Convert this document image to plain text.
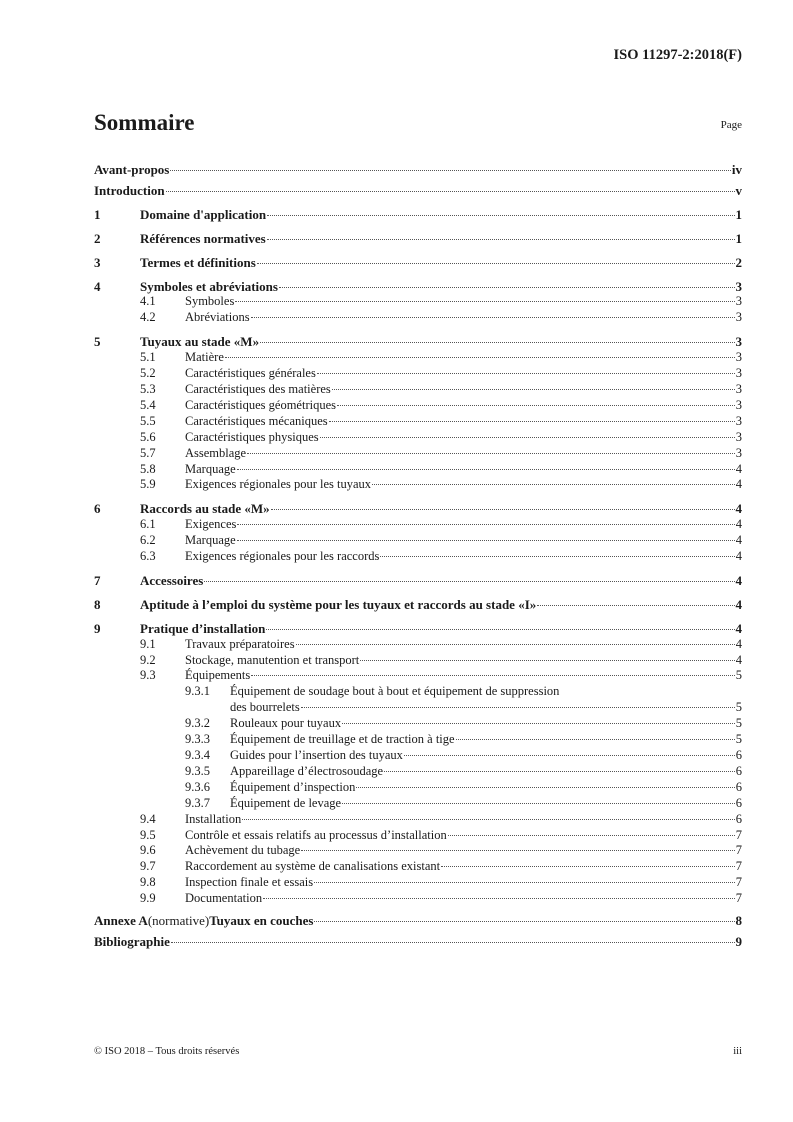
ISO 11297-2:2018(F)
Sommaire	Page
Avant-propos	iv
Introduction	v
1	Domaine d'application	1
2	Références normatives	1
3	Termes et définitions	2
4	Symboles et abréviations	3
4.1	Symboles	3
4.2	Abréviations	3
5	Tuyaux au stade «M»	3
5.1	Matière	3
5.2	Caractéristiques générales	3
5.3	Caractéristiques des matières	3
5.4	Caractéristiques géométriques	3
5.5	Caractéristiques mécaniques	3
5.6	Caractéristiques physiques	3
5.7	Assemblage	3
5.8	Marquage	4
5.9	Exigences régionales pour les tuyaux	4
6	Raccords au stade «M»	4
6.1	Exigences	4
6.2	Marquage	4
6.3	Exigences régionales pour les raccords	4
7	Accessoires	4
8	Aptitude à l’emploi du système pour les tuyaux et raccords au stade «I»	4
9	Pratique d’installation	4
9.1	Travaux préparatoires	4
9.2	Stockage, manutention et transport	4
9.3	Équipements	5
9.3.1	Équipement de soudage bout à bout et équipement de suppression
des bourrelets	5
9.3.2	Rouleaux pour tuyaux	5
9.3.3	Équipement de treuillage et de traction à tige	5
9.3.4	Guides pour l’insertion des tuyaux	6
9.3.5	Appareillage d’électrosoudage	6
9.3.6	Équipement d’inspection	6
9.3.7	Équipement de levage	6
9.4	Installation	6
9.5	Contrôle et essais relatifs au processus d’installation	7
9.6	Achèvement du tubage	7
9.7	Raccordement au système de canalisations existant	7
9.8	Inspection finale et essais	7
9.9	Documentation	7
Annexe A (normative) Tuyaux en couches	8
Bibliographie	9
© ISO 2018 – Tous droits réservés	iii
